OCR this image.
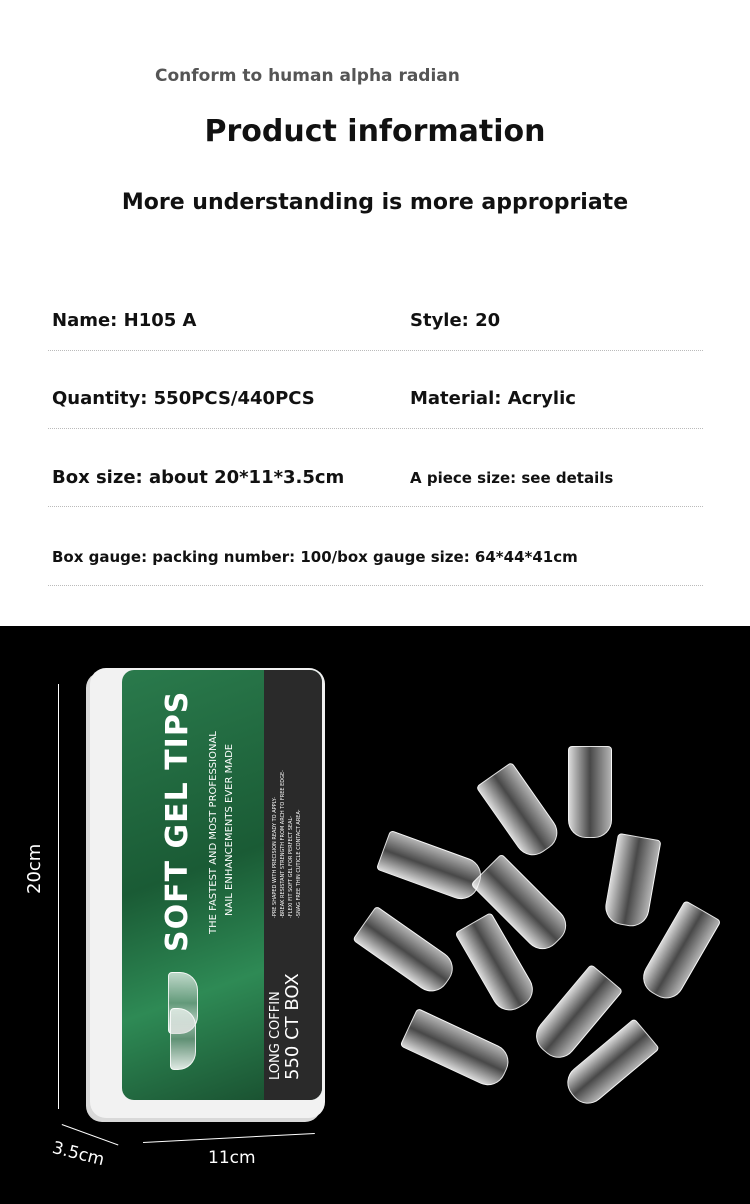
Conform to human alpha radian
Product information
More understanding is more appropriate
Name: H105 A	Style: 20
Quantity: 550PCS/440PCS	Material: Acrylic
Box size: about 20*11*3.5cm	A piece size: see details
Box gauge: packing number: 100/box gauge size: 64*44*41cm
20cm
3.5cm	11cm
SOFT GEL TIPS THE FASTEST AND MOST PROFESSIONAL NAIL ENHANCEMENTS EVER MADE
LONG COFFIN 550 CT BOX
-PRE SHAPED WITH PRECISION READY TO APPLY- -BREAK RESISTANT STRENGTH FROM ARCH TO FREE EDGE- -FLEXI FIT SOFT GEL FOR PERFECT SEAL- -SNAG FREE THIN CUTICLE CONTACT AREA-
